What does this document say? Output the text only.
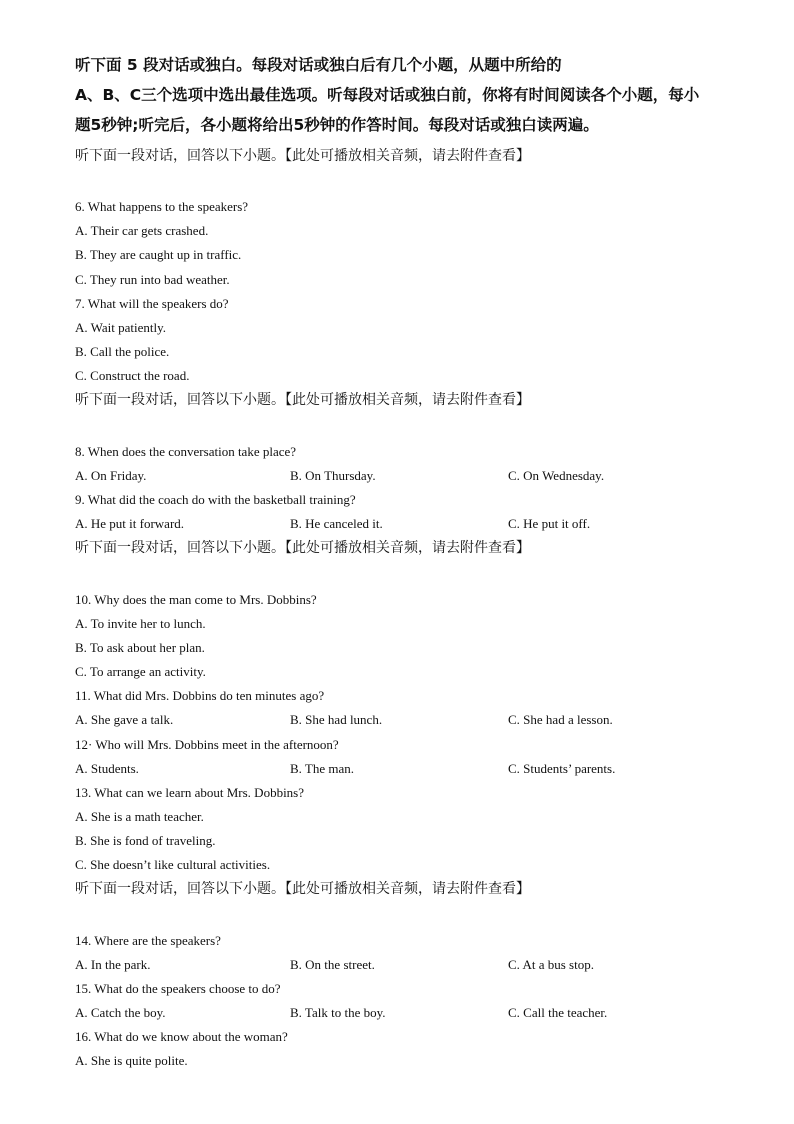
听下面 5 段对话或独白。每段对话或独白后有几个小题，从题中所给的
A、B、C三个选项中选出最佳选项。听每段对话或独白前，你将有时间阅读各个小题，每小
题5秒钟;听完后，各小题将给出5秒钟的作答时间。每段对话或独白读两遍。
听下面一段对话，回答以下小题。【此处可播放相关音频，请去附件查看】
6. What happens to the speakers?
A. Their car gets crashed.
B. They are caught up in traffic.
C. They run into bad weather.
7. What will the speakers do?
A. Wait patiently.
B. Call the police.
C. Construct the road.
听下面一段对话，回答以下小题。【此处可播放相关音频，请去附件查看】
8. When does the conversation take place?
A. On Friday.	B. On Thursday.	C. On Wednesday.
9. What did the coach do with the basketball training?
A. He put it forward.	B. He canceled it.	C. He put it off.
听下面一段对话，回答以下小题。【此处可播放相关音频，请去附件查看】
10. Why does the man come to Mrs. Dobbins?
A. To invite her to lunch.
B. To ask about her plan.
C. To arrange an activity.
11. What did Mrs. Dobbins do ten minutes ago?
A. She gave a talk.	B. She had lunch.	C. She had a lesson.
12· Who will Mrs. Dobbins meet in the afternoon?
A. Students.	B. The man.	C. Students’ parents.
13. What can we learn about Mrs. Dobbins?
A. She is a math teacher.
B. She is fond of traveling.
C. She doesn’t like cultural activities.
听下面一段对话，回答以下小题。【此处可播放相关音频，请去附件查看】
14. Where are the speakers?
A. In the park.	B. On the street.	C. At a bus stop.
15. What do the speakers choose to do?
A. Catch the boy.	B. Talk to the boy.	C. Call the teacher.
16. What do we know about the woman?
A. She is quite polite.
